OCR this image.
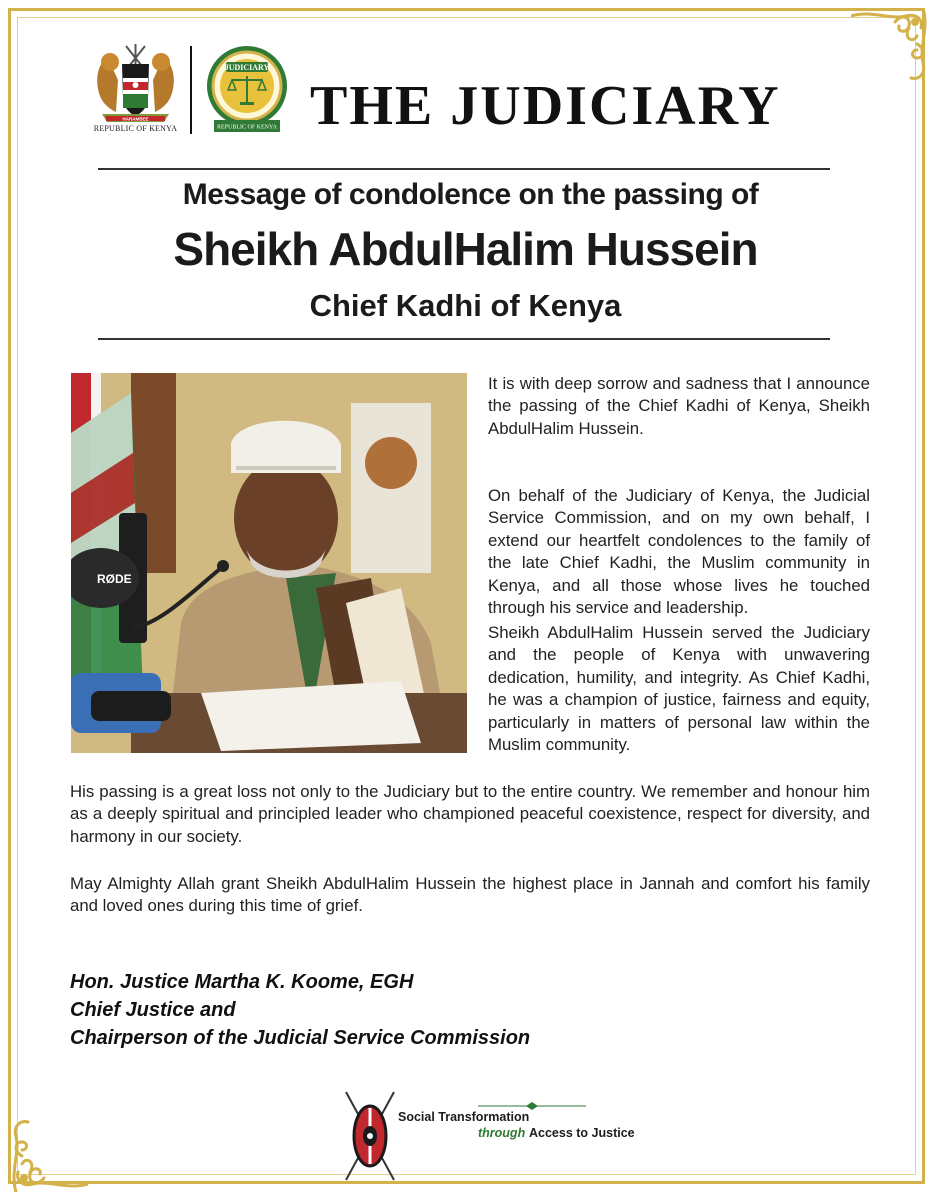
HARAMBEE
REPUBLIC OF KENYA
JUDICIARY
REPUBLIC OF KENYA THE JUDICIARY
Message of condolence on the passing of
Sheikh AbdulHalim Hussein
Chief Kadhi of Kenya
RØDE

It is with deep sorrow and sadness that I announce the passing of the Chief Kadhi of Kenya, Sheikh AbdulHalim Hussein.

On behalf of the Judiciary of Kenya, the Judicial Service Commission, and on my own behalf, I extend our heartfelt condolences to the family of the late Chief Kadhi, the Muslim community in Kenya, and all those whose lives he touched through his service and leadership.

Sheikh AbdulHalim Hussein served the Judiciary and the people of Kenya with unwavering dedication, humility, and integrity. As Chief Kadhi, he was a champion of justice, fairness and equity, particularly in matters of personal law within the Muslim community.

His passing is a great loss not only to the Judiciary but to the entire country. We remember and honour him as a deeply spiritual and principled leader who championed peaceful coexistence, respect for diversity, and harmony in our society.

May Almighty Allah grant Sheikh AbdulHalim Hussein the highest place in Jannah and comfort his family and loved ones during this time of grief.

Hon. Justice Martha K. Koome, EGH
Chief Justice and
Chairperson of the Judicial Service Commission
Social Transformation
through Access to Justice
